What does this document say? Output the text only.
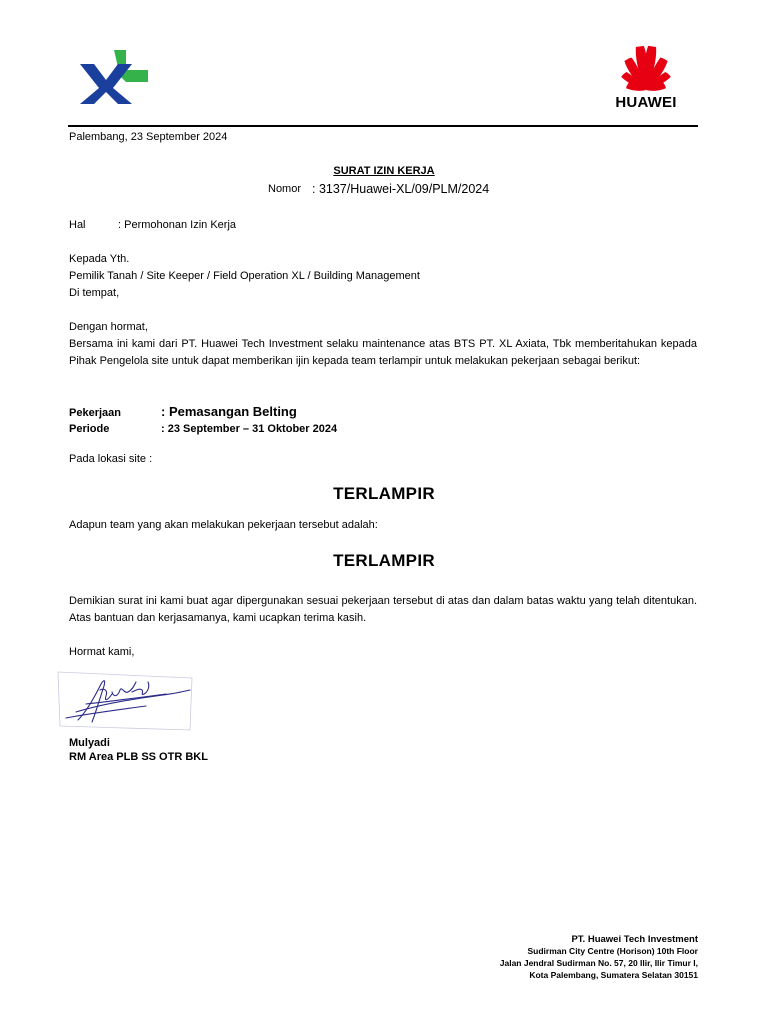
HUAWEI
Palembang, 23 September 2024
SURAT IZIN KERJA
Nomor : 3137/Huawei-XL/09/PLM/2024
Hal	: Permohonan Izin Kerja
Kepada Yth.
Pemilik Tanah / Site Keeper / Field Operation XL / Building Management
Di tempat,
Dengan hormat,
Bersama ini kami dari PT. Huawei Tech Investment selaku maintenance atas BTS PT. XL Axiata, Tbk memberitahukan kepada Pihak Pengelola site untuk dapat memberikan ijin kepada team terlampir untuk melakukan pekerjaan sebagai berikut:
Pekerjaan	: Pemasangan Belting
Periode	: 23 September – 31 Oktober 2024
Pada lokasi site :
TERLAMPIR
Adapun team yang akan melakukan pekerjaan tersebut adalah:
TERLAMPIR
Demikian surat ini kami buat agar dipergunakan sesuai pekerjaan tersebut di atas dan dalam batas waktu yang telah ditentukan. Atas bantuan dan kerjasamanya, kami ucapkan terima kasih.
Hormat kami,
Mulyadi
RM Area PLB SS OTR BKL
PT. Huawei Tech Investment
Sudirman City Centre (Horison) 10th Floor
Jalan Jendral Sudirman No. 57, 20 Ilir, Ilir Timur I,
Kota Palembang, Sumatera Selatan 30151
